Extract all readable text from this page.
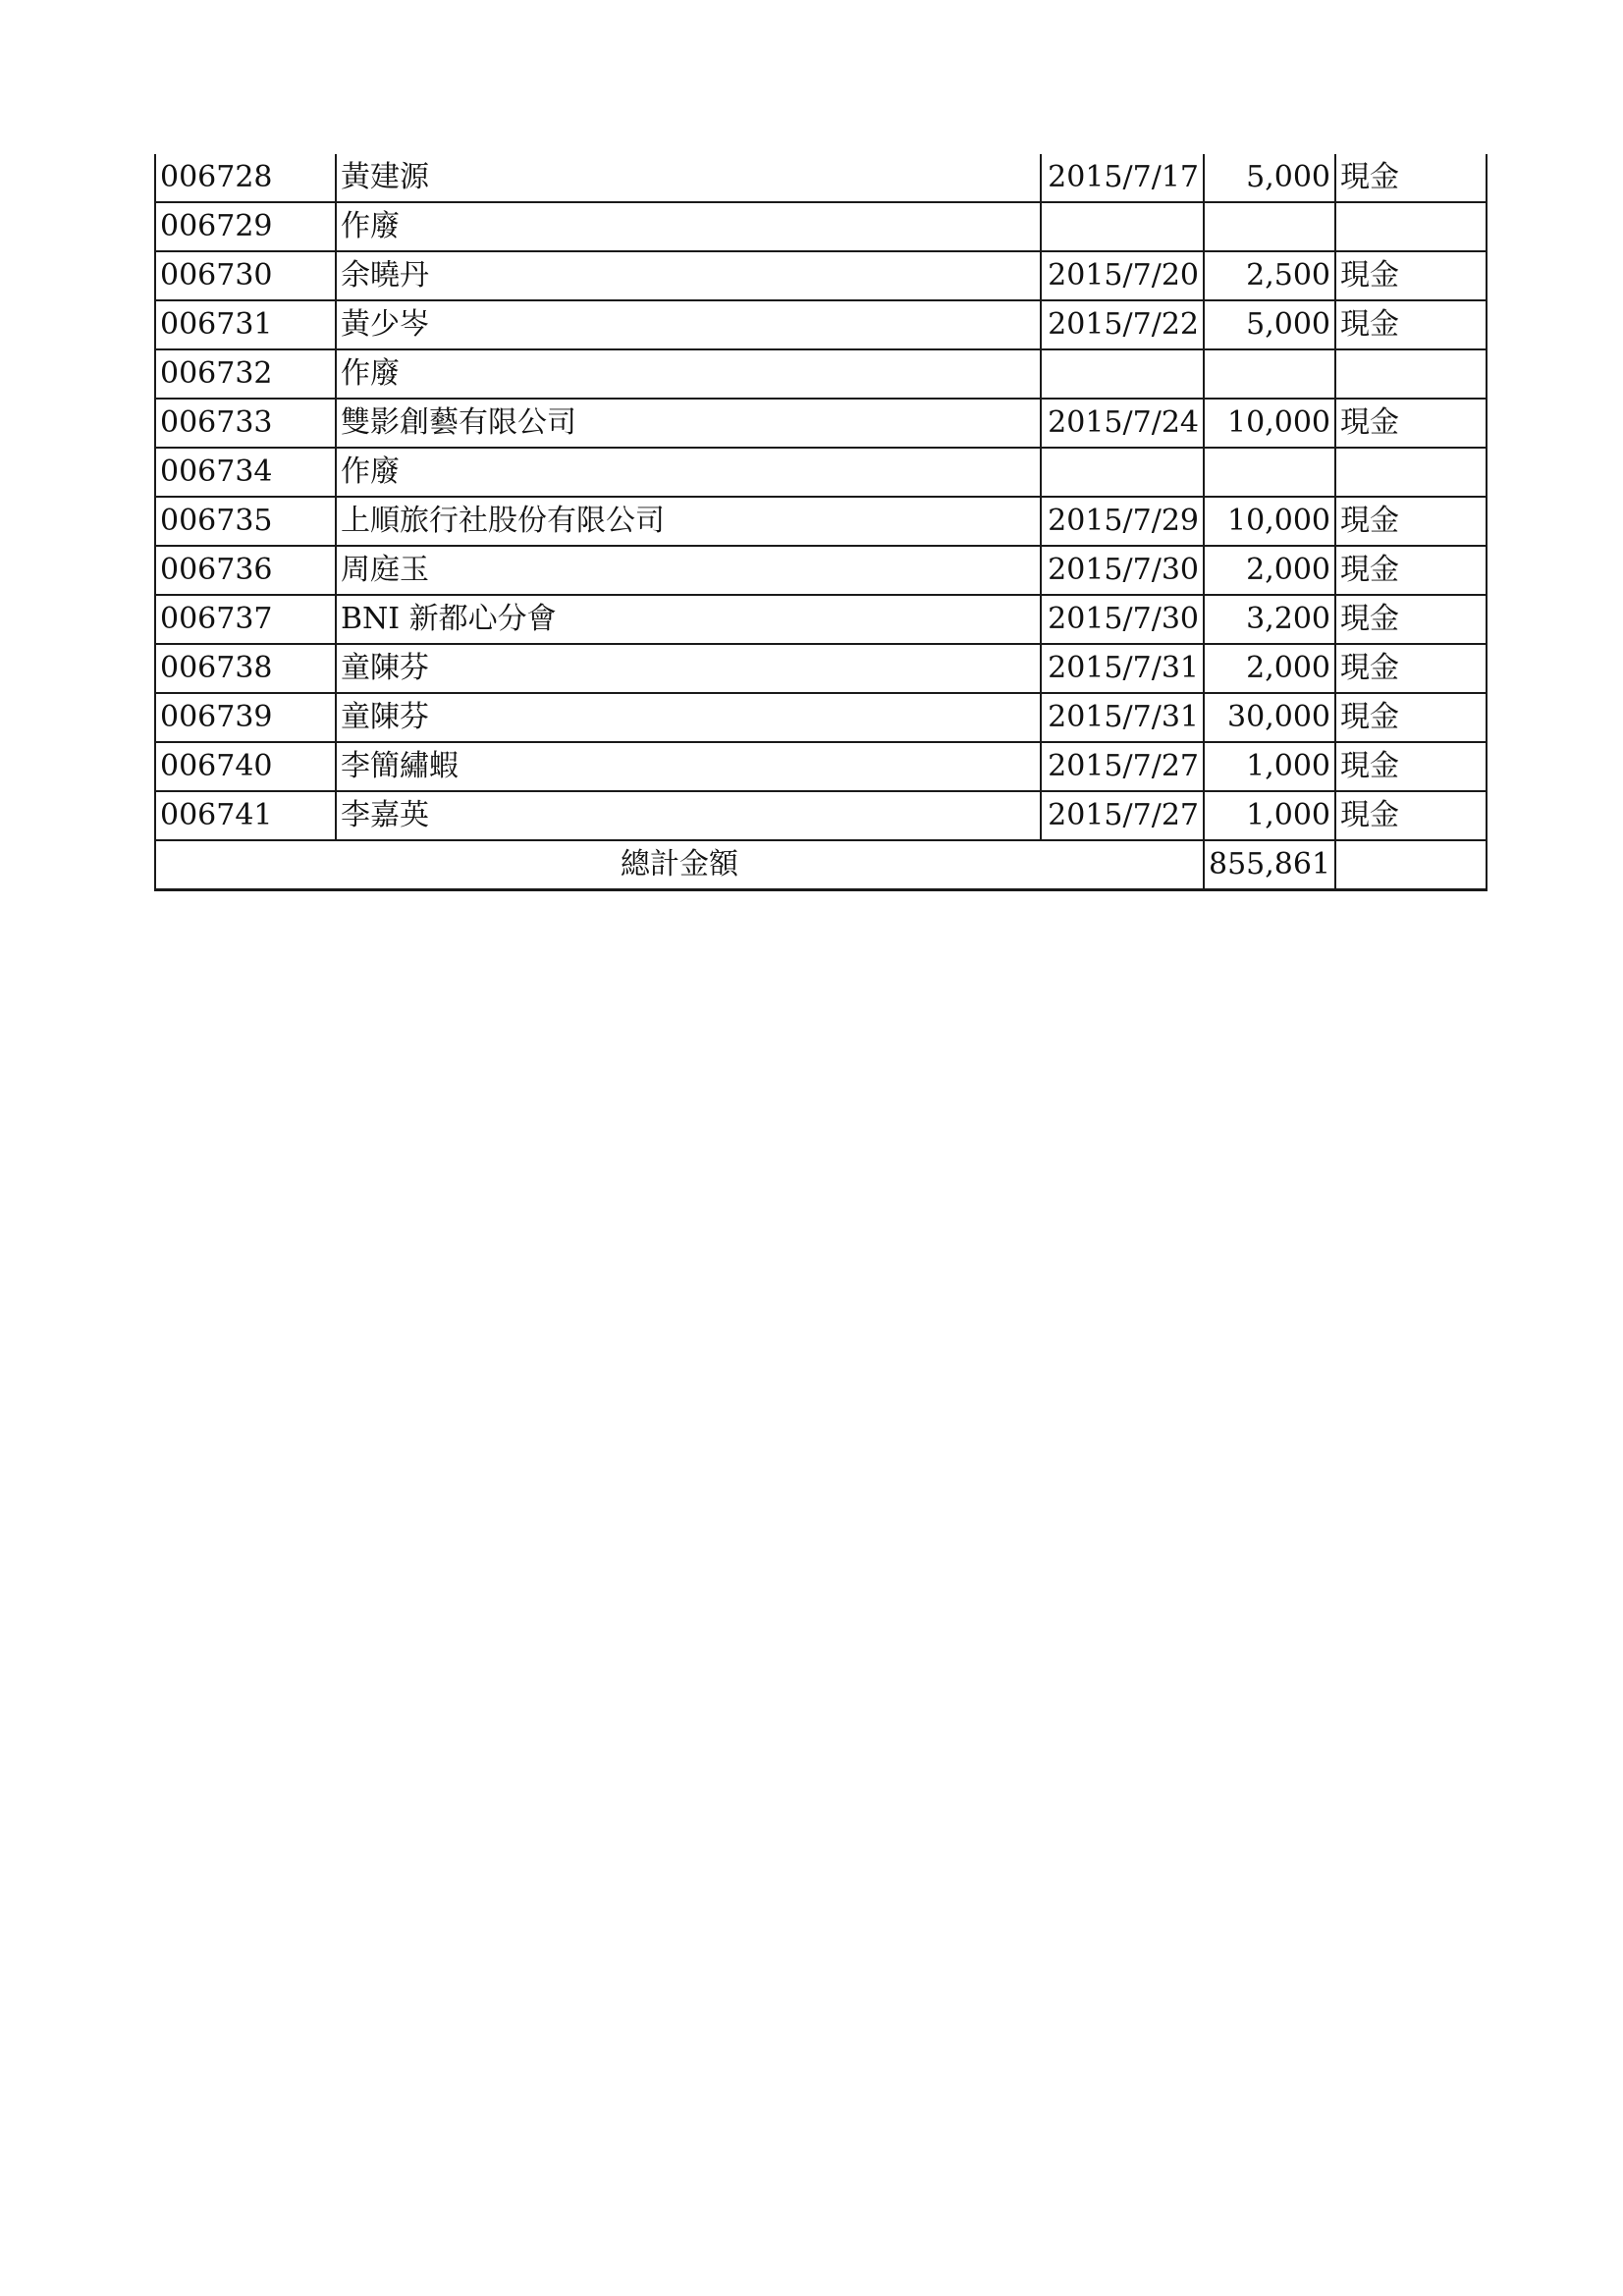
006728	黃建源	2015/7/17	5,000	現金
006729	作廢			
006730	余曉丹	2015/7/20	2,500	現金
006731	黃少岑	2015/7/22	5,000	現金
006732	作廢			
006733	雙影創藝有限公司	2015/7/24	10,000	現金
006734	作廢			
006735	上順旅行社股份有限公司	2015/7/29	10,000	現金
006736	周庭玉	2015/7/30	2,000	現金
006737	BNI 新都心分會	2015/7/30	3,200	現金
006738	童陳芬	2015/7/31	2,000	現金
006739	童陳芬	2015/7/31	30,000	現金
006740	李簡繡蝦	2015/7/27	1,000	現金
006741	李嘉英	2015/7/27	1,000	現金
總計金額			855,861	
